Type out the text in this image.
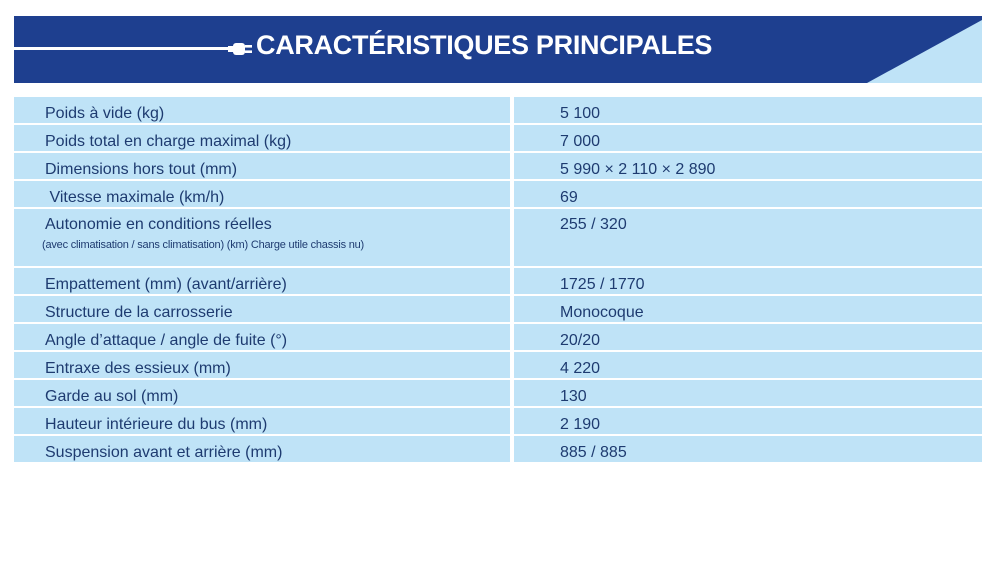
CARACTÉRISTIQUES PRINCIPALES
Poids à vide (kg)	5 100
Poids total en charge maximal (kg)	7 000
Dimensions hors tout (mm)	5 990 × 2 110 × 2 890
Vitesse maximale (km/h)	69
Autonomie en conditions réelles
(avec climatisation / sans climatisation) (km) Charge utile chassis nu)	255 / 320
Empattement (mm) (avant/arrière)	1725 / 1770
Structure de la carrosserie	Monocoque
Angle d’attaque / angle de fuite (°)	20/20
Entraxe des essieux (mm)	4 220
Garde au sol (mm)	130
Hauteur intérieure du bus (mm)	2 190
Suspension avant et arrière (mm)	885 / 885
